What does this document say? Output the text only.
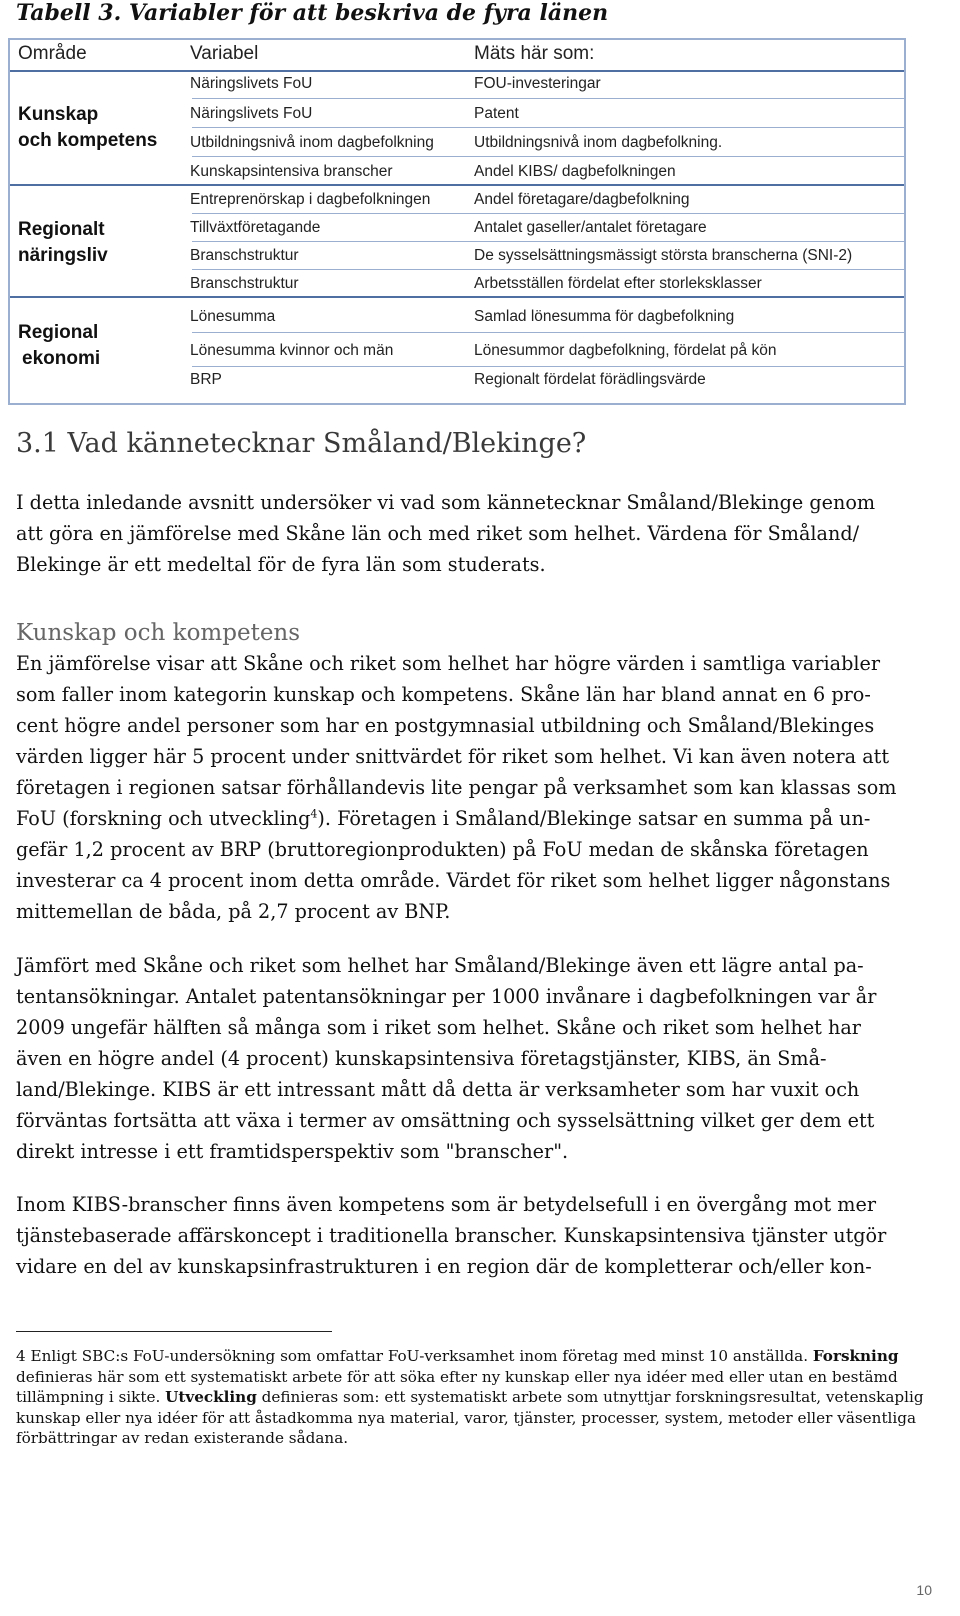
Tabell 3. Variabler för att beskriva de fyra länen
Område	Variabel	Mäts här som:
Kunskap
och kompetens
Näringslivets FoU	FOU-investeringar
Näringslivets FoU	Patent
Utbildningsnivå inom dagbefolkning	Utbildningsnivå inom dagbefolkning.
Kunskapsintensiva branscher	Andel KIBS/ dagbefolkningen
Regionalt
näringsliv
Entreprenörskap i dagbefolkningen	Andel företagare/dagbefolkning
Tillväxtföretagande	Antalet gaseller/antalet företagare
Branschstruktur	De sysselsättningsmässigt största branscherna (SNI-2)
Branschstruktur	Arbetsställen fördelat efter storleksklasser
Regional
ekonomi
Lönesumma	Samlad lönesumma för dagbefolkning
Lönesumma kvinnor och män	Lönesummor dagbefolkning, fördelat på kön
BRP	Regionalt fördelat förädlingsvärde
3.1 Vad kännetecknar Småland/Blekinge?
I detta inledande avsnitt undersöker vi vad som kännetecknar Småland/Blekinge genom
att göra en jämförelse med Skåne län och med riket som helhet. Värdena för Småland/
Blekinge är ett medeltal för de fyra län som studerats.
Kunskap och kompetens
En jämförelse visar att Skåne och riket som helhet har högre värden i samtliga variabler
som faller inom kategorin kunskap och kompetens. Skåne län har bland annat en 6 pro-
cent högre andel personer som har en postgymnasial utbildning och Småland/Blekinges
värden ligger här 5 procent under snittvärdet för riket som helhet. Vi kan även notera att
företagen i regionen satsar förhållandevis lite pengar på verksamhet som kan klassas som
FoU (forskning och utveckling$^4$). Företagen i Småland/Blekinge satsar en summa på un-
gefär 1,2 procent av BRP (bruttoregionprodukten) på FoU medan de skånska företagen
investerar ca 4 procent inom detta område. Värdet för riket som helhet ligger någonstans
mittemellan de båda, på 2,7 procent av BNP.
Jämfört med Skåne och riket som helhet har Småland/Blekinge även ett lägre antal pa-
tentansökningar. Antalet patentansökningar per 1000 invånare i dagbefolkningen var år
2009 ungefär hälften så många som i riket som helhet. Skåne och riket som helhet har
även en högre andel (4 procent) kunskapsintensiva företagstjänster, KIBS, än Små-
land/Blekinge. KIBS är ett intressant mått då detta är verksamheter som har vuxit och
förväntas fortsätta att växa i termer av omsättning och sysselsättning vilket ger dem ett
direkt intresse i ett framtidsperspektiv som "branscher".
Inom KIBS-branscher finns även kompetens som är betydelsefull i en övergång mot mer
tjänstebaserade affärskoncept i traditionella branscher. Kunskapsintensiva tjänster utgör
vidare en del av kunskapsinfrastrukturen i en region där de kompletterar och/eller kon-
4 Enligt SBC:s FoU-undersökning som omfattar FoU-verksamhet inom företag med minst 10 anställda. Forskning
definieras här som ett systematiskt arbete för att söka efter ny kunskap eller nya idéer med eller utan en bestämd
tillämpning i sikte. Utveckling definieras som: ett systematiskt arbete som utnyttjar forskningsresultat, vetenskaplig
kunskap eller nya idéer för att åstadkomma nya material, varor, tjänster, processer, system, metoder eller väsentliga
förbättringar av redan existerande sådana.
10
